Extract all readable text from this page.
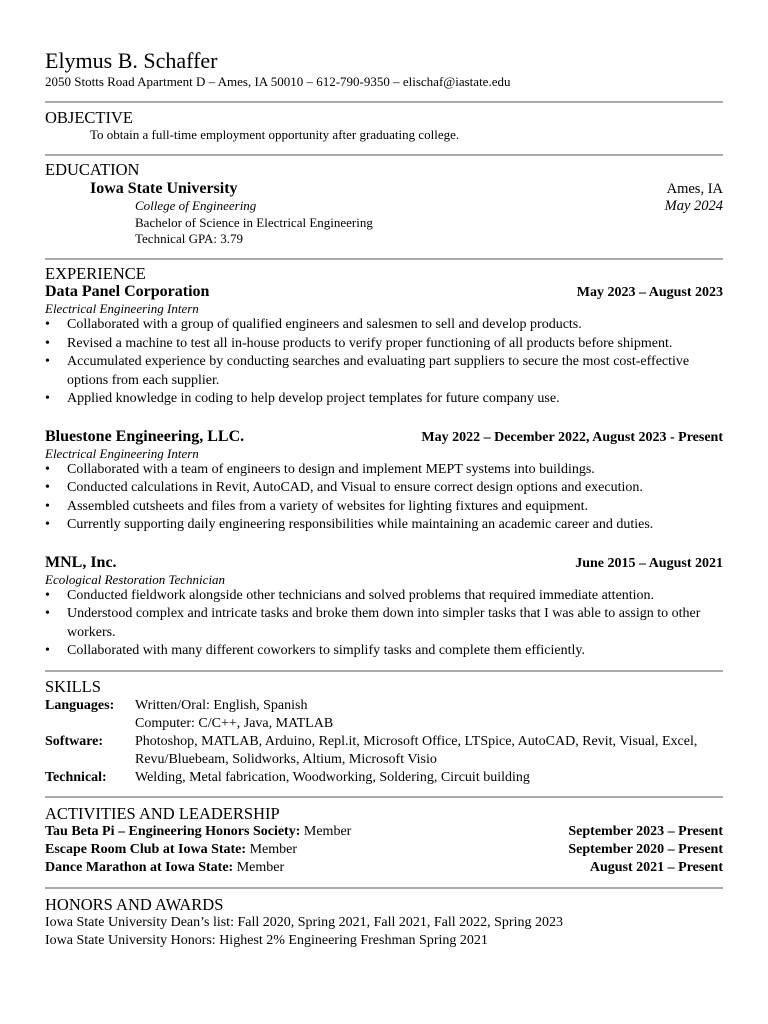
Elymus B. Schaffer
2050 Stotts Road Apartment D – Ames, IA 50010 – 612-790-9350 – elischaf@iastate.edu
OBJECTIVE
To obtain a full-time employment opportunity after graduating college.
EDUCATION
Iowa State University	Ames, IA
College of Engineering	May 2024
Bachelor of Science in Electrical Engineering
Technical GPA: 3.79
EXPERIENCE
Data Panel Corporation	May 2023 – August 2023
Electrical Engineering Intern
• Collaborated with a group of qualified engineers and salesmen to sell and develop products.
• Revised a machine to test all in-house products to verify proper functioning of all products before shipment.
• Accumulated experience by conducting searches and evaluating part suppliers to secure the most cost-effective options from each supplier.
• Applied knowledge in coding to help develop project templates for future company use.
Bluestone Engineering, LLC.	May 2022 – December 2022, August 2023 - Present
Electrical Engineering Intern
• Collaborated with a team of engineers to design and implement MEPT systems into buildings.
• Conducted calculations in Revit, AutoCAD, and Visual to ensure correct design options and execution.
• Assembled cutsheets and files from a variety of websites for lighting fixtures and equipment.
• Currently supporting daily engineering responsibilities while maintaining an academic career and duties.
MNL, Inc.	June 2015 – August 2021
Ecological Restoration Technician
• Conducted fieldwork alongside other technicians and solved problems that required immediate attention.
• Understood complex and intricate tasks and broke them down into simpler tasks that I was able to assign to other workers.
• Collaborated with many different coworkers to simplify tasks and complete them efficiently.
SKILLS
Languages:	Written/Oral: English, Spanish
Computer: C/C++, Java, MATLAB
Software:	Photoshop, MATLAB, Arduino, Repl.it, Microsoft Office, LTSpice, AutoCAD, Revit, Visual, Excel, Revu/Bluebeam, Solidworks, Altium, Microsoft Visio
Technical:	Welding, Metal fabrication, Woodworking, Soldering, Circuit building
ACTIVITIES AND LEADERSHIP
Tau Beta Pi – Engineering Honors Society: Member	September 2023 – Present
Escape Room Club at Iowa State: Member	September 2020 – Present
Dance Marathon at Iowa State: Member	August 2021 – Present
HONORS AND AWARDS
Iowa State University Dean’s list: Fall 2020, Spring 2021, Fall 2021, Fall 2022, Spring 2023
Iowa State University Honors: Highest 2% Engineering Freshman Spring 2021
